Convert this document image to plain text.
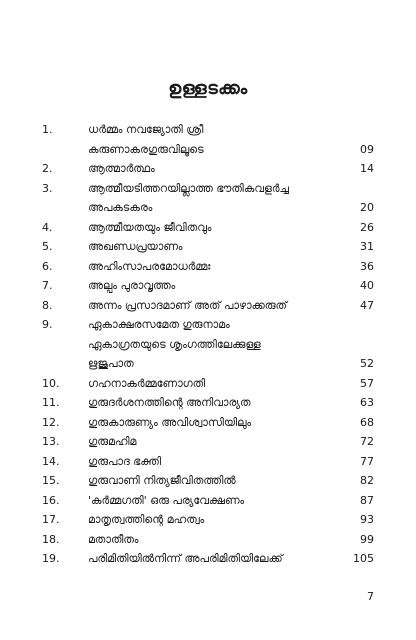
ഉള്ളടക്കം
1.	ധര്‍മ്മം നവജ്യോതി ശ്രീ
കരുണാകരഗുരുവിലൂടെ	09
2.	ആത്മാര്‍ത്ഥം	14
3.	ആത്മീയടിത്തറയില്ലാത്ത ഭൗതികവളര്‍ച്ച
അപകടകരം	20
4.	ആത്മീയതയും ജീവിതവും	26
5.	അഖണ്ഡപ്രയാണം	31
6.	അഹിംസാപരമോധര്‍മ്മഃ	36
7.	അല്പം പുരാവൃത്തം	40
8.	അന്നം പ്രസാദമാണ് അത് പാഴാക്കരുത്	47
9.	ഏകാക്ഷരസമേത ഗുരുനാമം
ഏകാഗ്രതയുടെ ശൃംഗത്തിലേക്കുള്ള
ഋജുപാത	52
10.	ഗഹനാകര്‍മ്മണോഗതി	57
11.	ഗുരുദര്‍ശനത്തിന്റെ അനിവാര്യത	63
12.	ഗുരുകാരുണ്യം അവിശ്വാസിയിലും	68
13.	ഗുരുമഹിമ	72
14.	ഗുരുപാദ ഭക്തി	77
15.	ഗുരുവാണി നിത്യജീവിതത്തില്‍	82
16.	'കര്‍മ്മഗതി' ഒരു പര്യവേക്ഷണം	87
17.	മാതൃത്വത്തിന്റെ മഹത്വം	93
18.	മതാതീതം	99
19.	പരിമിതിയില്‍നിന്ന് അപരിമിതിയിലേക്ക്	105
7
